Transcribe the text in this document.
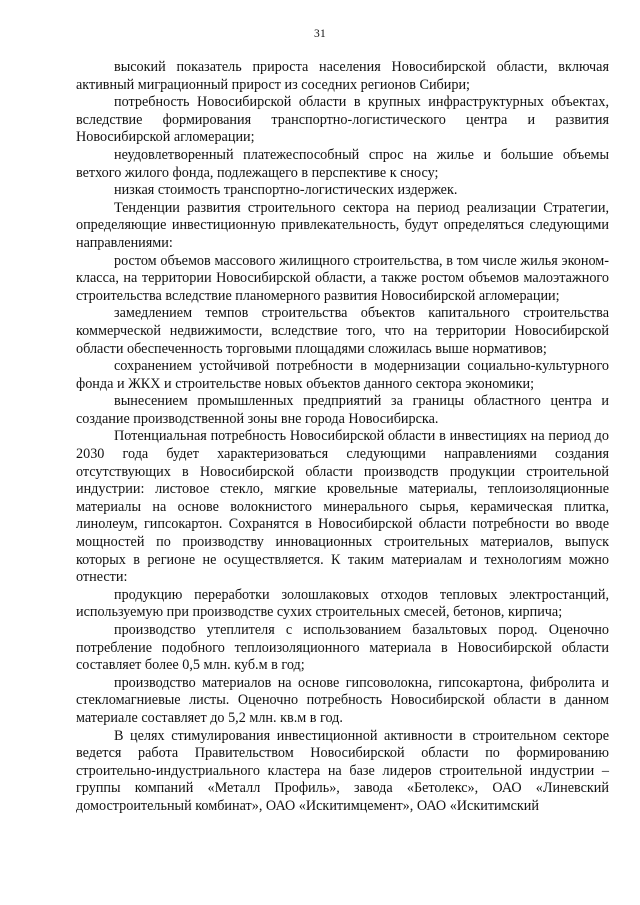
31

высокий показатель прироста населения Новосибирской области, включая активный миграционный прирост из соседних регионов Сибири;

потребность Новосибирской области в крупных инфраструктурных объектах, вследствие формирования транспортно-логистического центра и развития Новосибирской агломерации;

неудовлетворенный платежеспособный спрос на жилье и большие объемы ветхого жилого фонда, подлежащего в перспективе к сносу;

низкая стоимость транспортно-логистических издержек.

Тенденции развития строительного сектора на период реализации Стратегии, определяющие инвестиционную привлекательность, будут определяться следующими направлениями:

ростом объемов массового жилищного строительства, в том числе жилья эконом-класса, на территории Новосибирской области, а также ростом объемов малоэтажного строительства вследствие планомерного развития Новосибирской агломерации;

замедлением темпов строительства объектов капитального строительства коммерческой недвижимости, вследствие того, что на территории Новосибирской области обеспеченность торговыми площадями сложилась выше нормативов;

сохранением устойчивой потребности в модернизации социально-культурного фонда и ЖКХ и строительстве новых объектов данного сектора экономики;

вынесением промышленных предприятий за границы областного центра и создание производственной зоны вне города Новосибирска.

Потенциальная потребность Новосибирской области в инвестициях на период до 2030 года будет характеризоваться следующими направлениями создания отсутствующих в Новосибирской области производств продукции строительной индустрии: листовое стекло, мягкие кровельные материалы, теплоизоляционные материалы на основе волокнистого минерального сырья, керамическая плитка, линолеум, гипсокартон. Сохранятся в Новосибирской области потребности во вводе мощностей по производству инновационных строительных материалов, выпуск которых в регионе не осуществляется. К таким материалам и технологиям можно отнести:

продукцию переработки золошлаковых отходов тепловых электростанций, используемую при производстве сухих строительных смесей, бетонов, кирпича;

производство утеплителя с использованием базальтовых пород. Оценочно потребление подобного теплоизоляционного материала в Новосибирской области составляет более 0,5 млн. куб.м в год;

производство материалов на основе гипсоволокна, гипсокартона, фибролита и стекломагниевые листы. Оценочно потребность Новосибирской области в данном материале составляет до 5,2 млн. кв.м в год.

В целях стимулирования инвестиционной активности в строительном секторе ведется работа Правительством Новосибирской области по формированию строительно-индустриального кластера на базе лидеров строительной индустрии – группы компаний «Металл Профиль», завода «Бетолекс», ОАО «Линевский домостроительный комбинат», ОАО «Искитимцемент», ОАО «Искитимский
